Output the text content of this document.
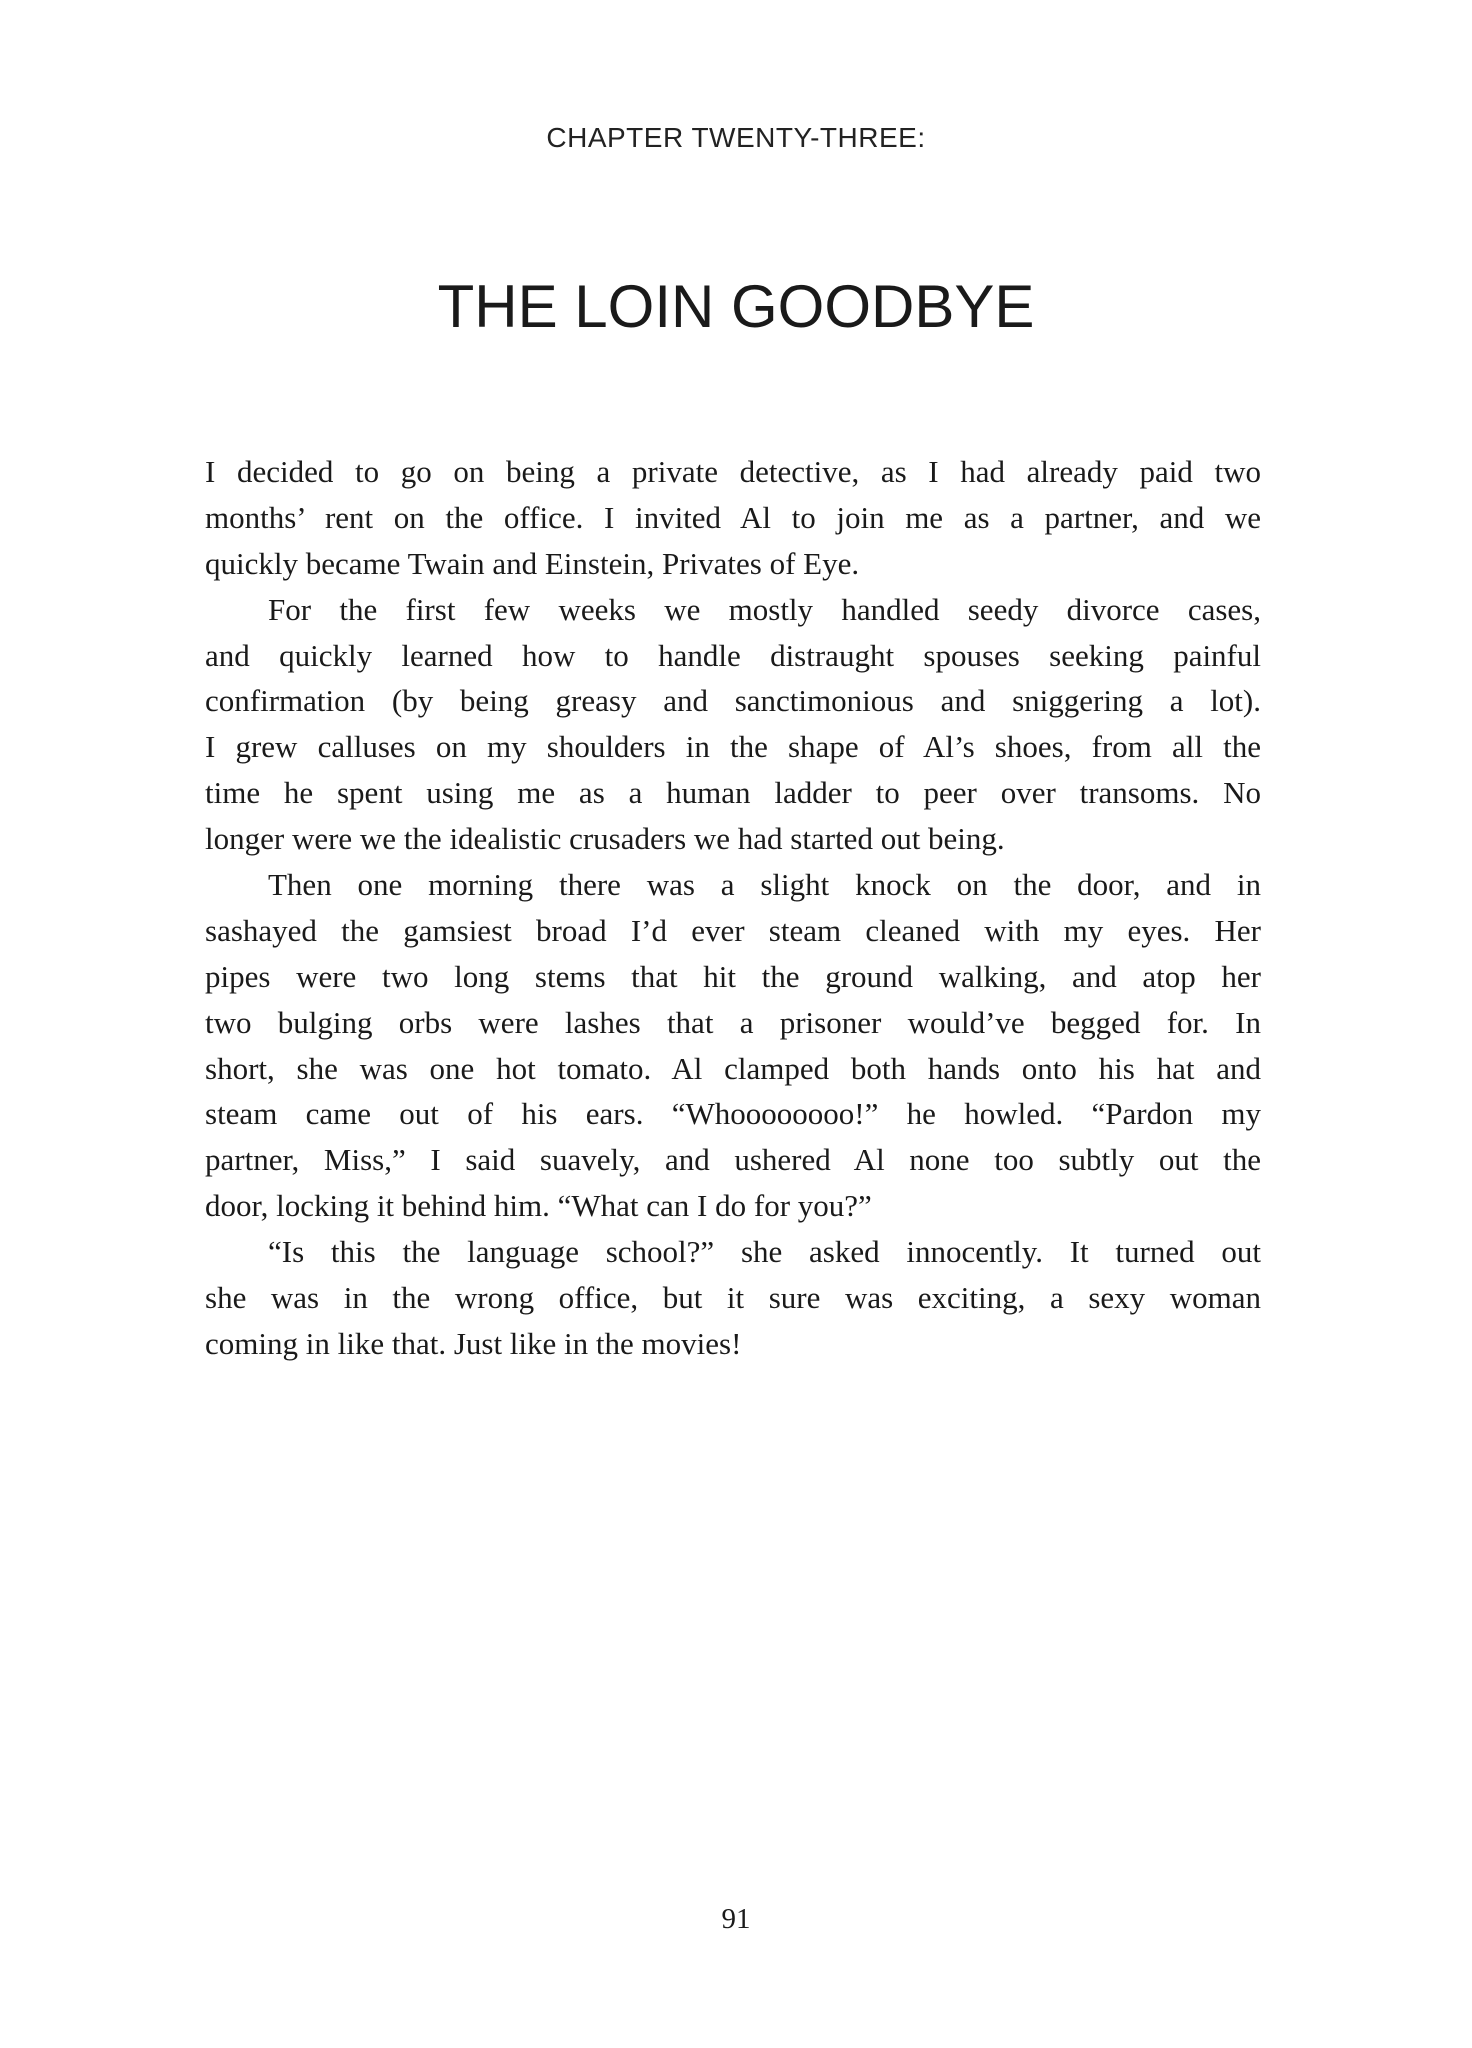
CHAPTER TWENTY-THREE:
THE LOIN GOODBYE
I decided to go on being a private detective, as I had already paid two
months’ rent on the office. I invited Al to join me as a partner, and we
quickly became Twain and Einstein, Privates of Eye.
For the first few weeks we mostly handled seedy divorce cases,
and quickly learned how to handle distraught spouses seeking painful
confirmation (by being greasy and sanctimonious and sniggering a lot).
I grew calluses on my shoulders in the shape of Al’s shoes, from all the
time he spent using me as a human ladder to peer over transoms. No
longer were we the idealistic crusaders we had started out being.
Then one morning there was a slight knock on the door, and in
sashayed the gamsiest broad I’d ever steam cleaned with my eyes. Her
pipes were two long stems that hit the ground walking, and atop her
two bulging orbs were lashes that a prisoner would’ve begged for. In
short, she was one hot tomato. Al clamped both hands onto his hat and
steam came out of his ears. “Whoooooooo!” he howled. “Pardon my
partner, Miss,” I said suavely, and ushered Al none too subtly out the
door, locking it behind him. “What can I do for you?”
“Is this the language school?” she asked innocently. It turned out
she was in the wrong office, but it sure was exciting, a sexy woman
coming in like that. Just like in the movies!
91
